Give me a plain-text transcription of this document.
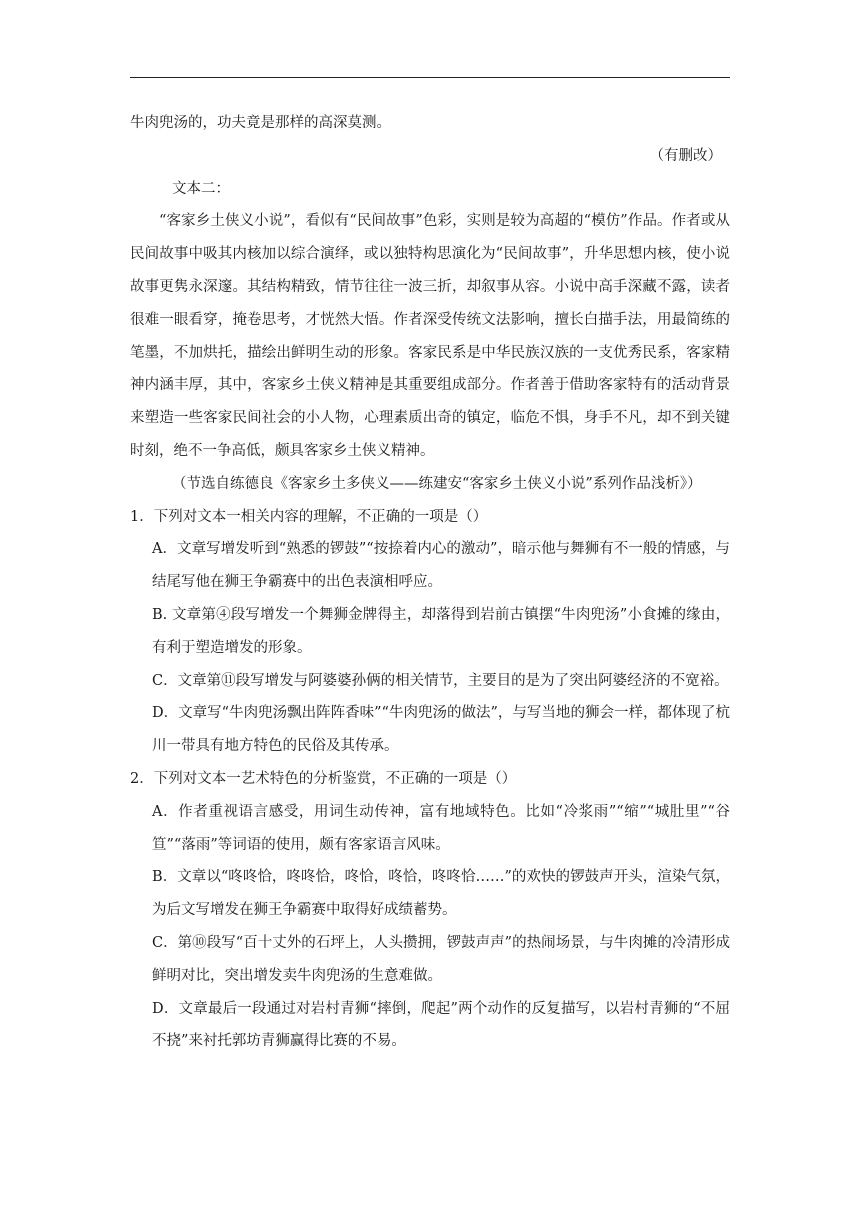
牛肉兜汤的，功夫竟是那样的高深莫测。

（有删改）

文本二：

“客家乡土侠义小说”，看似有“民间故事”色彩，实则是较为高超的“模仿”作品。作者或从民间故事中吸其内核加以综合演绎，或以独特构思演化为“民间故事”，升华思想内核，使小说故事更隽永深邃。其结构精致，情节往往一波三折，却叙事从容。小说中高手深藏不露，读者很难一眼看穿，掩卷思考，才恍然大悟。作者深受传统文法影响，擅长白描手法，用最简练的笔墨，不加烘托，描绘出鲜明生动的形象。客家民系是中华民族汉族的一支优秀民系，客家精神内涵丰厚，其中，客家乡土侠义精神是其重要组成部分。作者善于借助客家特有的活动背景来塑造一些客家民间社会的小人物，心理素质出奇的镇定，临危不惧，身手不凡，却不到关键时刻，绝不一争高低，颇具客家乡土侠义精神。

（节选自练德良《客家乡土多侠义——练建安“客家乡土侠义小说”系列作品浅析》）

1．下列对文本一相关内容的理解，不正确的一项是（）

A．文章写增发听到“熟悉的锣鼓”“按捺着内心的激动”，暗示他与舞狮有不一般的情感，与结尾写他在狮王争霸赛中的出色表演相呼应。

B. 文章第④段写增发一个舞狮金牌得主，却落得到岩前古镇摆“牛肉兜汤”小食摊的缘由，有利于塑造增发的形象。

C．文章第⑪段写增发与阿婆婆孙俩的相关情节，主要目的是为了突出阿婆经济的不宽裕。

D．文章写“牛肉兜汤飘出阵阵香味”“牛肉兜汤的做法”，与写当地的狮会一样，都体现了杭川一带具有地方特色的民俗及其传承。

2．下列对文本一艺术特色的分析鉴赏，不正确的一项是（）

A．作者重视语言感受，用词生动传神，富有地域特色。比如“冷浆雨”“缩”“城肚里”“谷笪”“落雨”等词语的使用，颇有客家语言风味。

B．文章以“咚咚恰，咚咚恰，咚恰，咚恰，咚咚恰……”的欢快的锣鼓声开头，渲染气氛，为后文写增发在狮王争霸赛中取得好成绩蓄势。

C．第⑩段写“百十丈外的石坪上，人头攒拥，锣鼓声声”的热闹场景，与牛肉摊的冷清形成鲜明对比，突出增发卖牛肉兜汤的生意难做。

D．文章最后一段通过对岩村青狮“摔倒，爬起”两个动作的反复描写，以岩村青狮的“不屈不挠”来衬托郭坊青狮赢得比赛的不易。
